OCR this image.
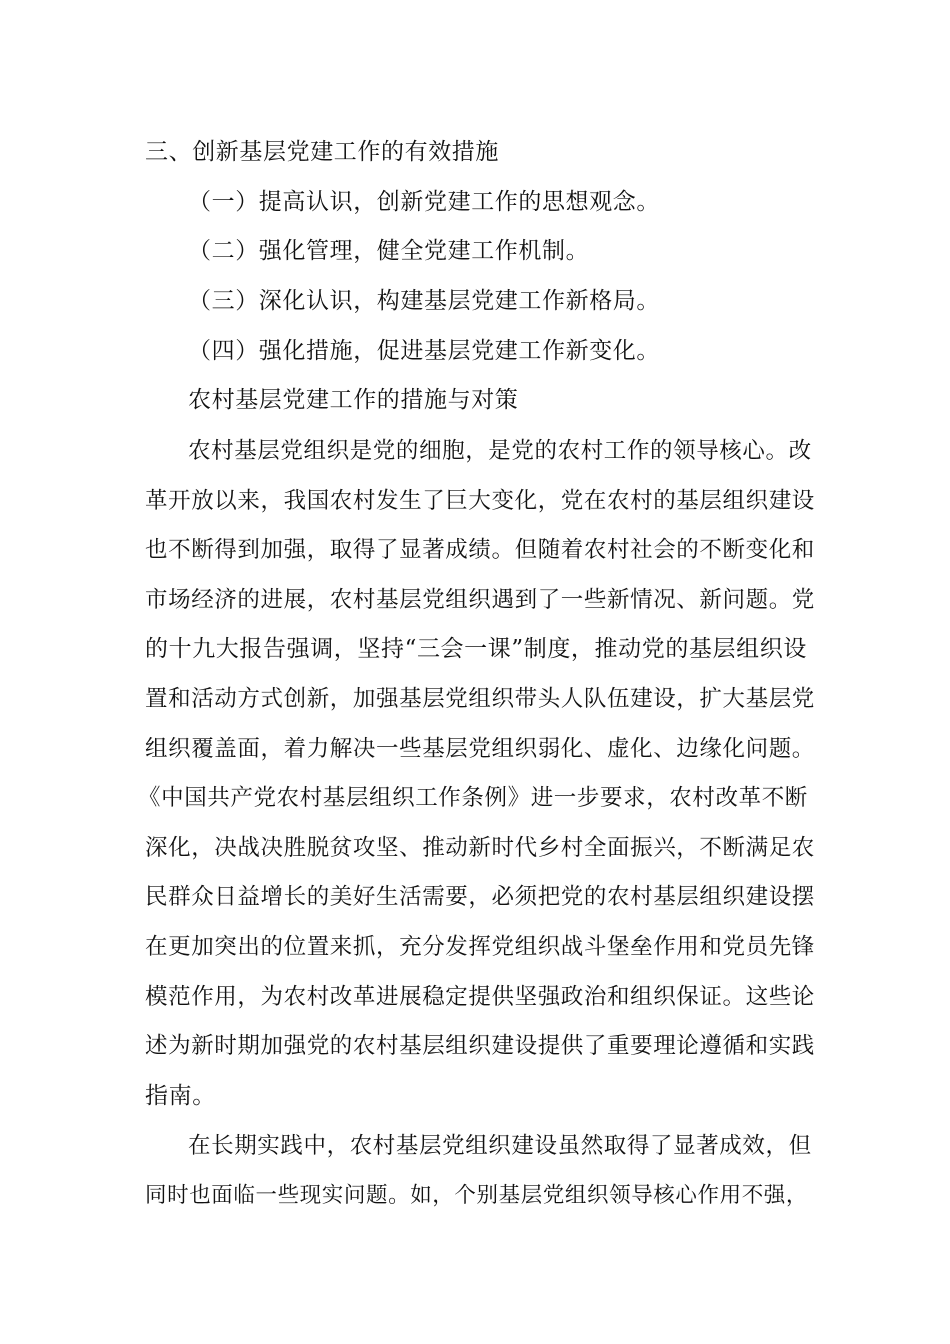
三、创新基层党建工作的有效措施
（一）提高认识，创新党建工作的思想观念。
（二）强化管理，健全党建工作机制。
（三）深化认识，构建基层党建工作新格局。
（四）强化措施，促进基层党建工作新变化。
农村基层党建工作的措施与对策
农村基层党组织是党的细胞，是党的农村工作的领导核心。改
革开放以来，我国农村发生了巨大变化，党在农村的基层组织建设
也不断得到加强，取得了显著成绩。但随着农村社会的不断变化和
市场经济的进展，农村基层党组织遇到了一些新情况、新问题。党
的十九大报告强调，坚持“三会一课”制度，推动党的基层组织设
置和活动方式创新，加强基层党组织带头人队伍建设，扩大基层党
组织覆盖面，着力解决一些基层党组织弱化、虚化、边缘化问题。
《中国共产党农村基层组织工作条例》进一步要求，农村改革不断
深化，决战决胜脱贫攻坚、推动新时代乡村全面振兴，不断满足农
民群众日益增长的美好生活需要，必须把党的农村基层组织建设摆
在更加突出的位置来抓，充分发挥党组织战斗堡垒作用和党员先锋
模范作用，为农村改革进展稳定提供坚强政治和组织保证。这些论
述为新时期加强党的农村基层组织建设提供了重要理论遵循和实践
指南。
在长期实践中，农村基层党组织建设虽然取得了显著成效，但
同时也面临一些现实问题。如，个别基层党组织领导核心作用不强，
